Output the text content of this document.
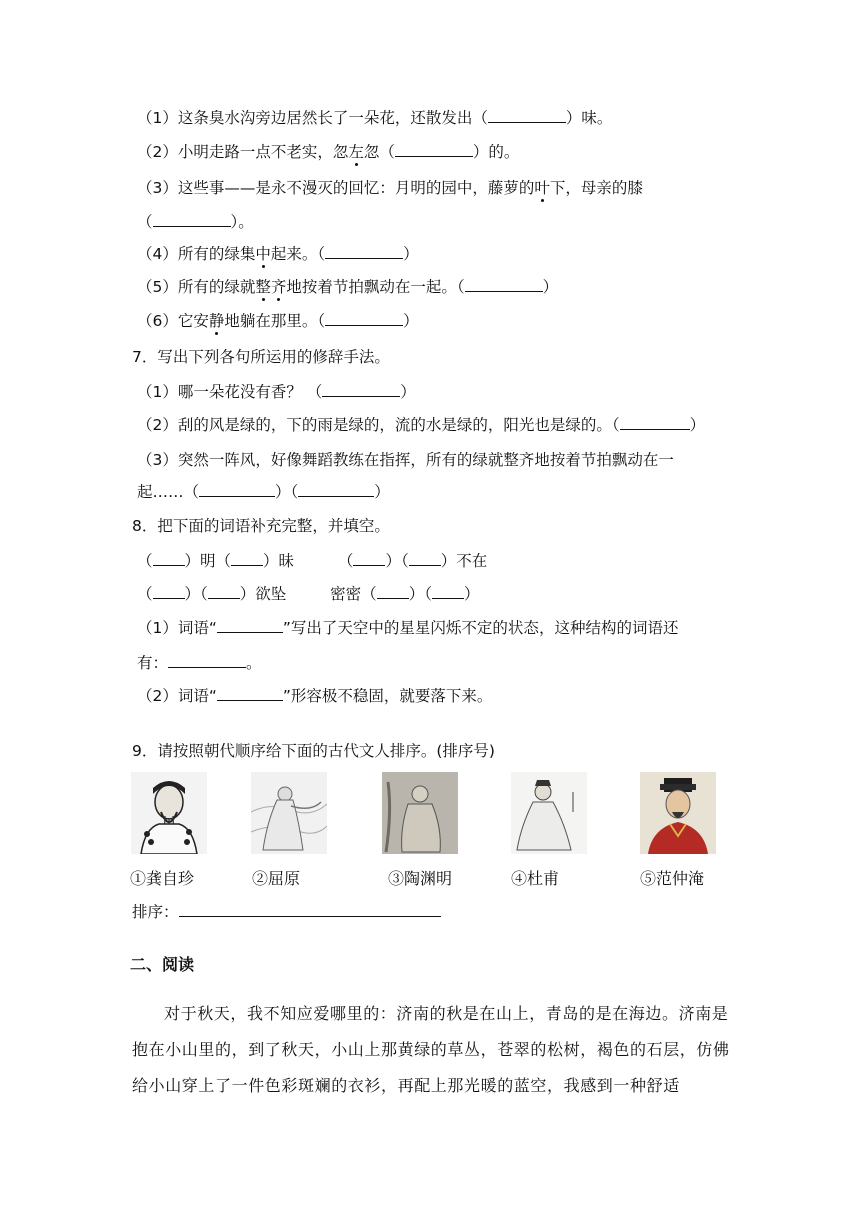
（1）这条臭水沟旁边居然长了一朵花，还散发出（	）味。
（2）小明走路一点不老实，忽左忽（	）的。
（3）这些事——是永不漫灭的回忆：月明的园中，藤萝的叶下，母亲的膝
（	）。
（4）所有的绿集中起来。（	）
（5）所有的绿就整齐地按着节拍飘动在一起。（	）
（6）它安静地躺在那里。（	）
7．写出下列各句所运用的修辞手法。
（1）哪一朵花没有香？ （	）
（2）刮的风是绿的，下的雨是绿的，流的水是绿的，阳光也是绿的。（	）
（3）突然一阵风，好像舞蹈教练在指挥，所有的绿就整齐地按着节拍飘动在一
起……（	）（	）
8．把下面的词语补充完整，并填空。
（ ）明（ ）昧	（ ）（ ）不在
（ ）（ ）欲坠	密密（ ）（ ）
（1）词语“	”写出了天空中的星星闪烁不定的状态，这种结构的词语还
有：	。
（2）词语“	”形容极不稳固，就要落下来。
9．请按照朝代顺序给下面的古代文人排序。(排序号)
①龚自珍	②屈原	③陶渊明	④杜甫	⑤范仲淹
排序：
二、阅读
对于秋天，我不知应爱哪里的：济南的秋是在山上，青岛的是在海边。济南是抱在小山里的，到了秋天，小山上那黄绿的草丛，苍翠的松树，褐色的石层，仿佛给小山穿上了一件色彩斑斓的衣衫，再配上那光暖的蓝空，我感到一种舒适
